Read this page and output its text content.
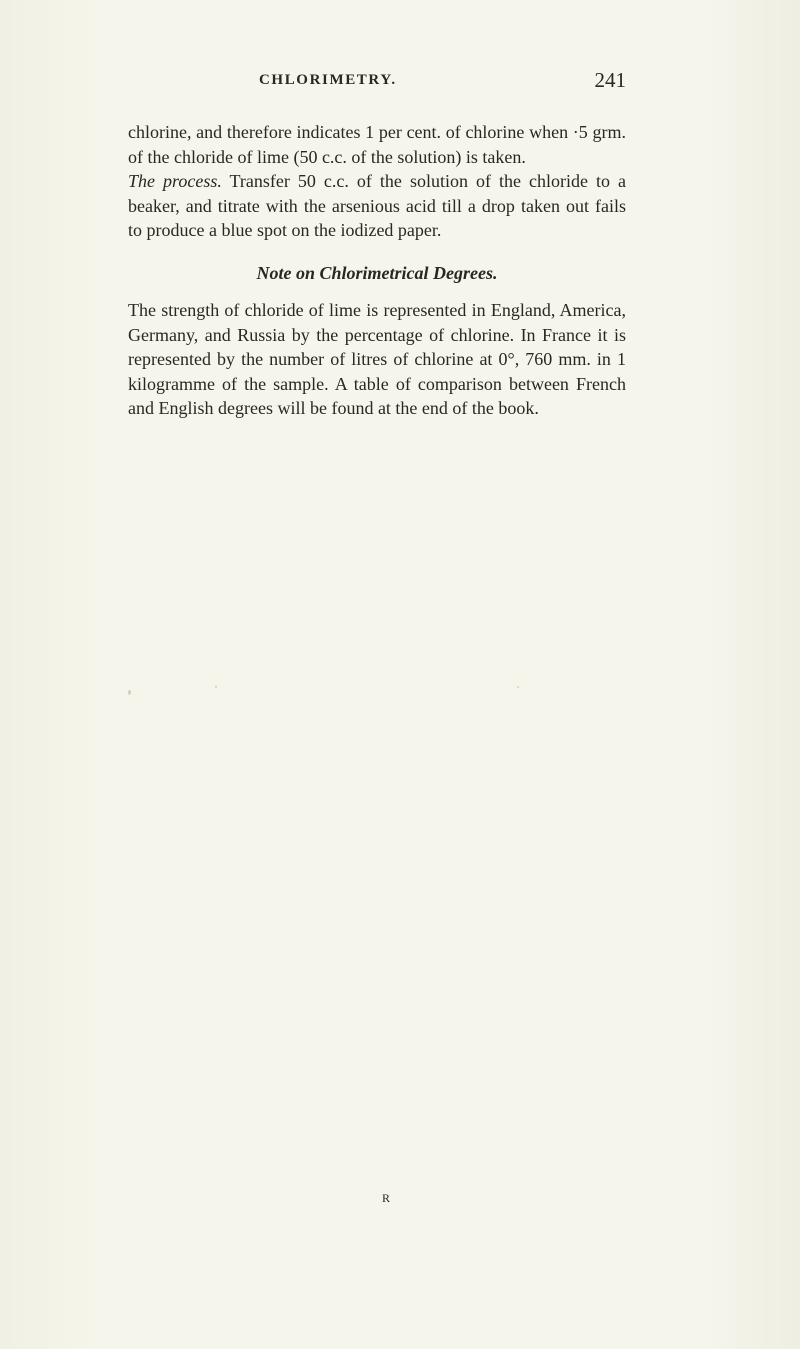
CHLORIMETRY.	241

chlorine, and therefore indicates 1 per cent. of chlorine when ·5 grm. of the chloride of lime (50 c.c. of the solution) is taken.

The process. Transfer 50 c.c. of the solution of the chloride to a beaker, and titrate with the arsenious acid till a drop taken out fails to produce a blue spot on the iodized paper.

Note on Chlorimetrical Degrees.

The strength of chloride of lime is represented in England, America, Germany, and Russia by the percentage of chlorine. In France it is represented by the number of litres of chlorine at 0°, 760 mm. in 1 kilogramme of the sample. A table of comparison between French and English degrees will be found at the end of the book.

R
